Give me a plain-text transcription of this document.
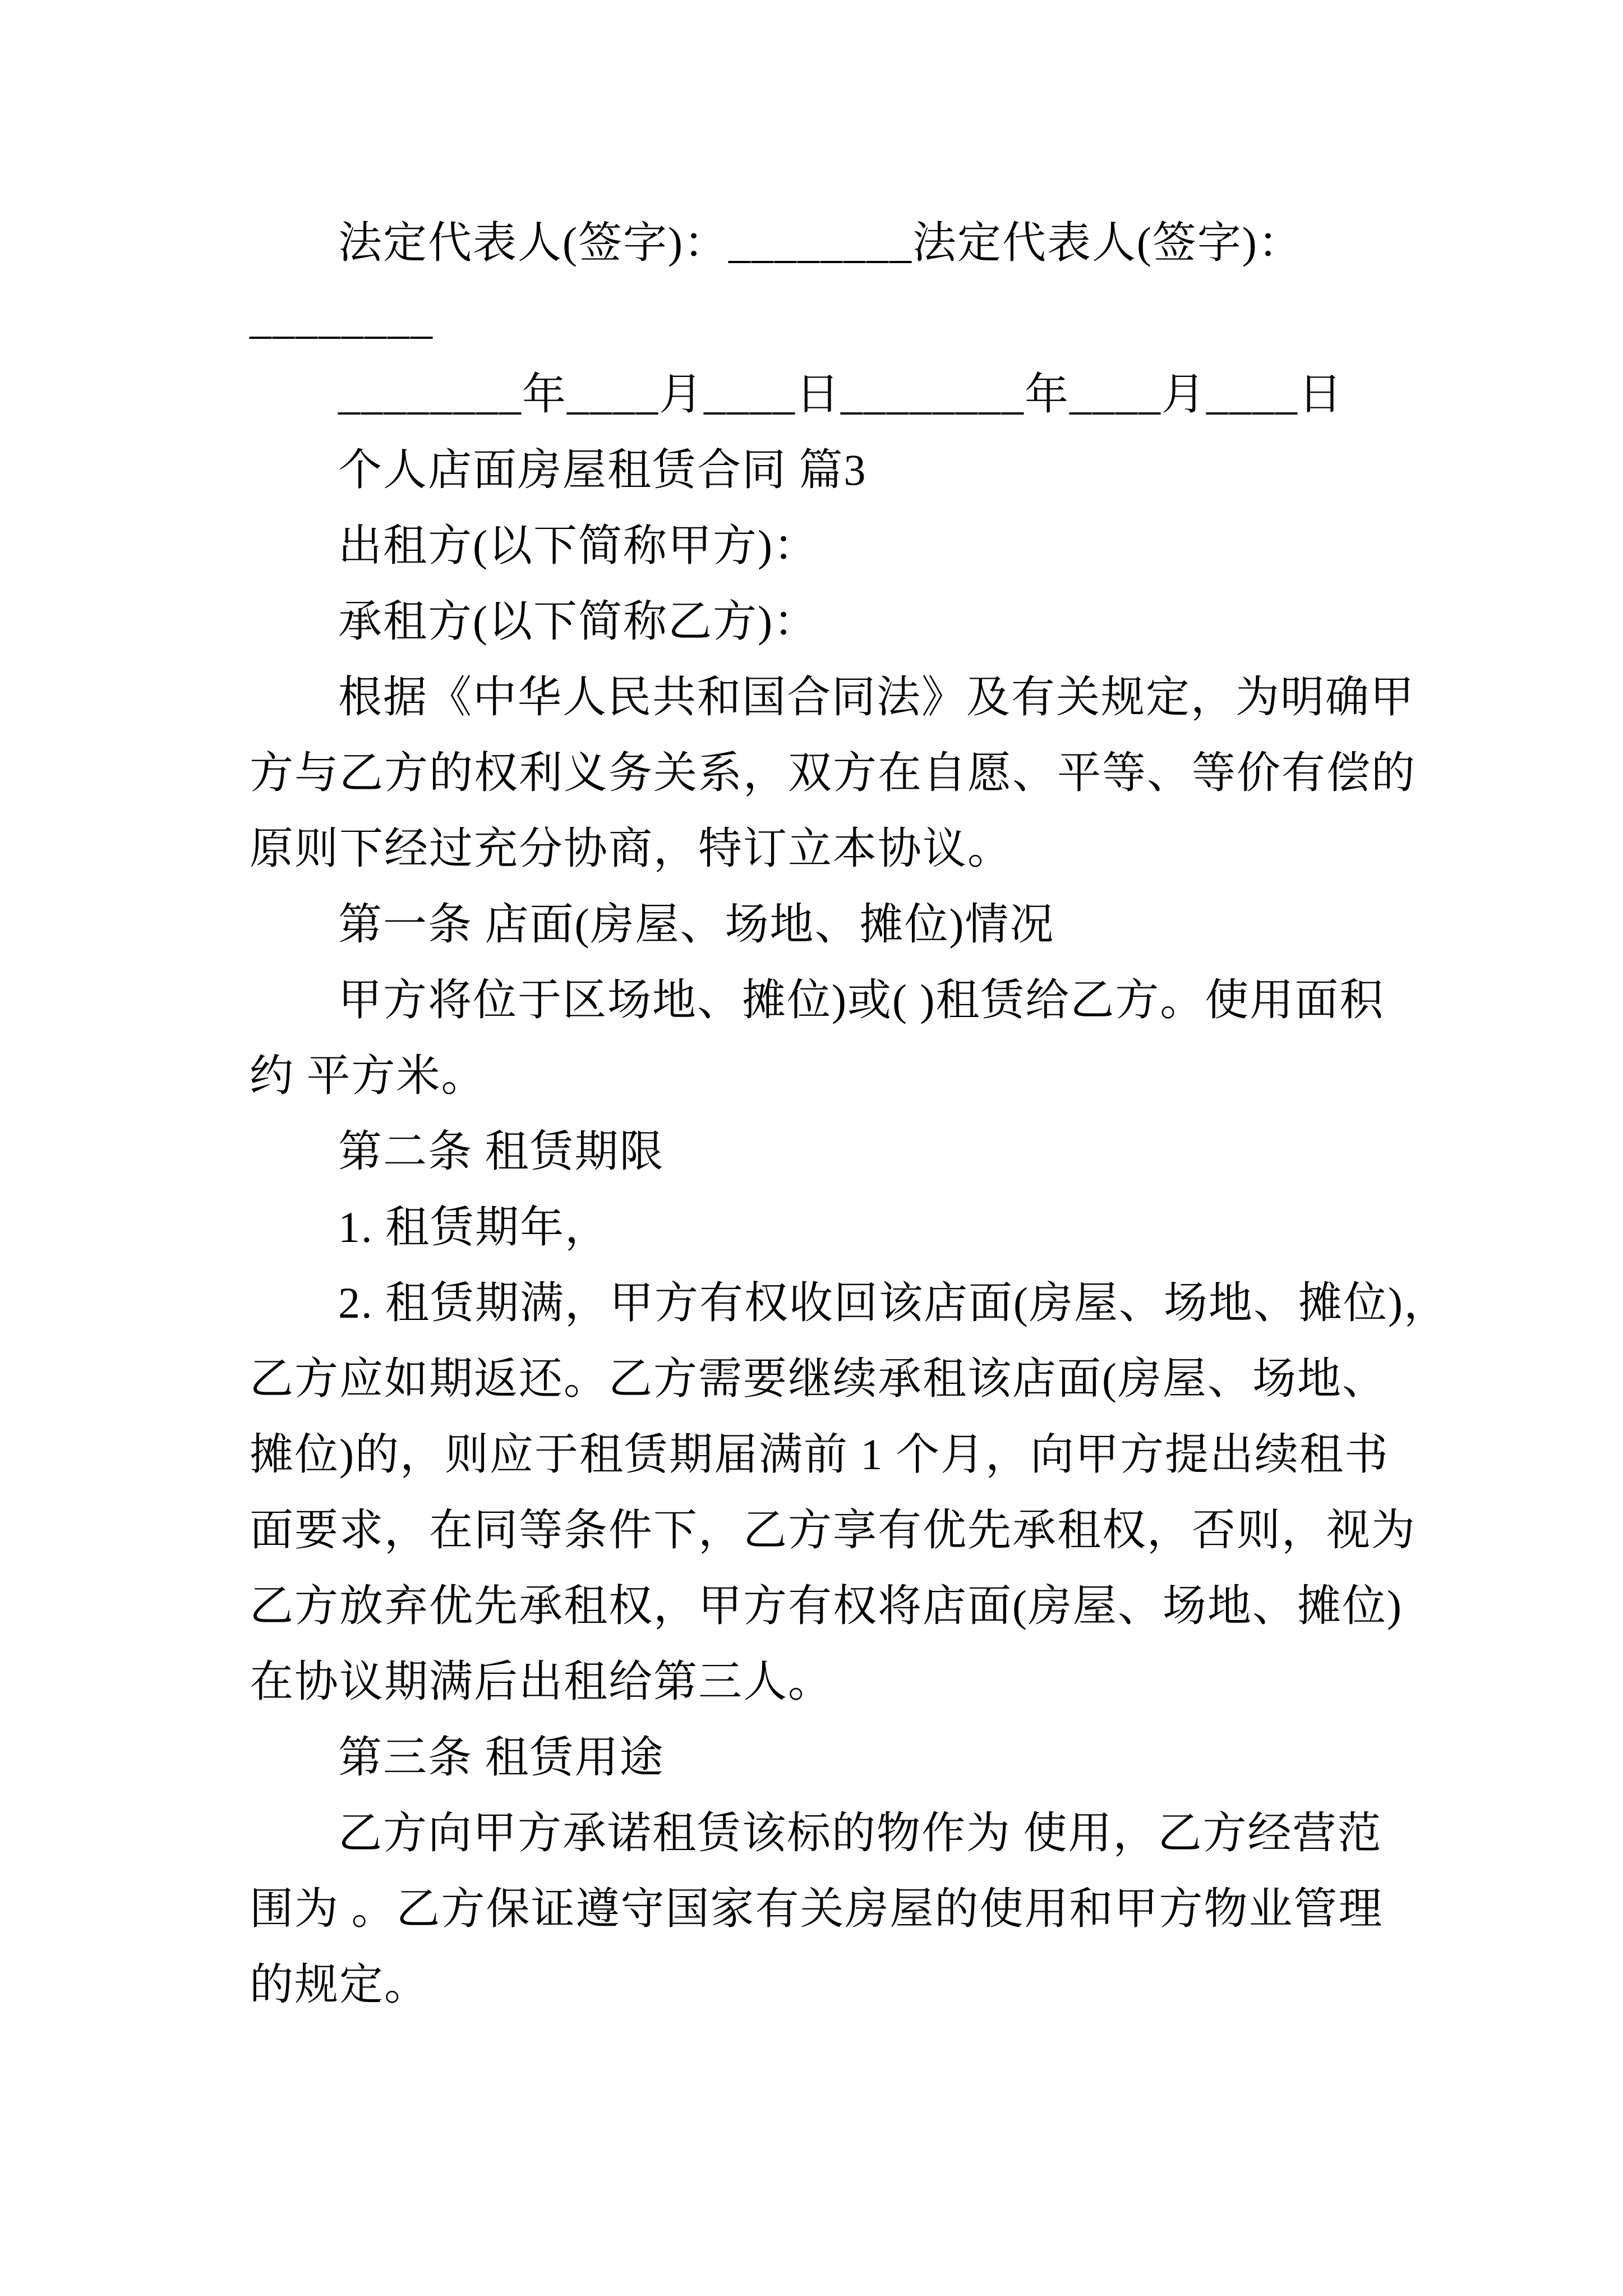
法定代表人(签字)：________法定代表人(签字)：
________
________年____月____日________年____月____日
个人店面房屋租赁合同 篇3
出租方(以下简称甲方)：
承租方(以下简称乙方)：
根据《中华人民共和国合同法》及有关规定，为明确甲
方与乙方的权利义务关系，双方在自愿、平等、等价有偿的
原则下经过充分协商，特订立本协议。
第一条 店面(房屋、场地、摊位)情况
甲方将位于区场地、摊位)或( )租赁给乙方。使用面积
约 平方米。
第二条 租赁期限
1. 租赁期年，
2. 租赁期满，甲方有权收回该店面(房屋、场地、摊位)，
乙方应如期返还。乙方需要继续承租该店面(房屋、场地、
摊位)的，则应于租赁期届满前 1 个月，向甲方提出续租书
面要求，在同等条件下，乙方享有优先承租权，否则，视为
乙方放弃优先承租权，甲方有权将店面(房屋、场地、摊位)
在协议期满后出租给第三人。
第三条 租赁用途
乙方向甲方承诺租赁该标的物作为 使用，乙方经营范
围为 。乙方保证遵守国家有关房屋的使用和甲方物业管理
的规定。
